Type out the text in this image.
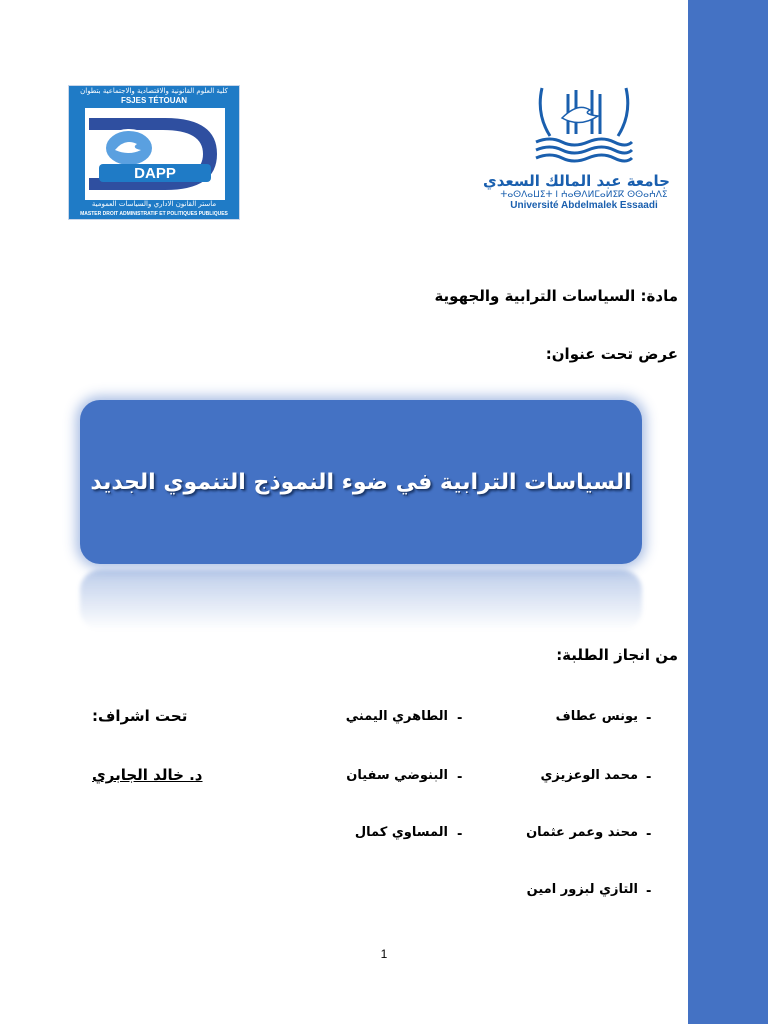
كلية العلوم القانونية والاقتصادية والاجتماعية بتطوان
FSJES TÉTOUAN
DAPP
ماستر القانون الاداري والسياسات العمومية
MASTER DROIT ADMINISTRATIF ET POLITIQUES PUBLIQUES
جامعة عبد المالك السعدي
ⵜⴰⵙⴷⴰⵡⵉⵜ ⵏ ⵄⴰⴱⴷⵍⵎⴰⵍⵉⴽ ⵙⵙⴰⵄⴷⵉ
Université Abdelmalek Essaadi
مادة: السياسات الترابية والجهوية
عرض تحت عنوان:
السياسات الترابية في ضوء النموذج التنموي الجديد
من انجاز الطلبة:
-
يونس عطاف
-
محمد الوعزيزي
-
محند وعمر عثمان
-
التازي لبزور امين
-
الطاهري اليمني
-
البنوضي سفيان
-
المساوي كمال
تحت اشراف:
د. خالد الجابري
1
